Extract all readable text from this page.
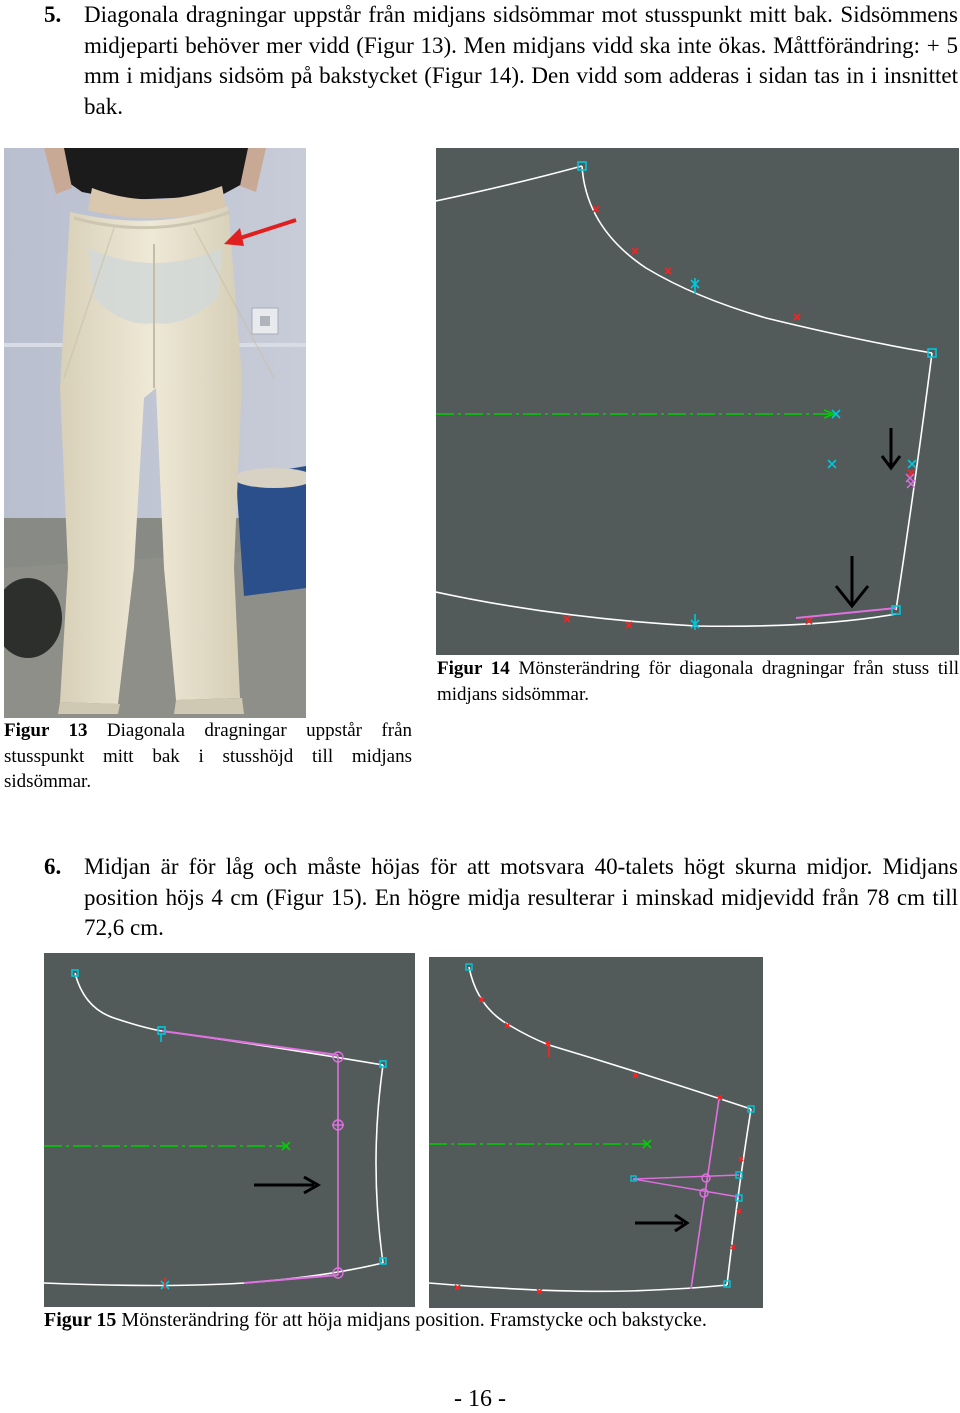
5. Diagonala dragningar uppstår från midjans sidsömmar mot stusspunkt mitt bak. Sidsömmens midjeparti behöver mer vidd (Figur 13). Men midjans vidd ska inte ökas. Måttförändring: + 5 mm i midjans sidsöm på bakstycket (Figur 14). Den vidd som adderas i sidan tas in i insnittet bak.
Figur 13 Diagonala dragningar uppstår från stusspunkt mitt bak i stusshöjd till midjans sidsömmar.
Figur 14 Mönsterändring för diagonala dragningar från stuss till midjans sidsömmar.
6. Midjan är för låg och måste höjas för att motsvara 40-talets högt skurna midjor. Midjans position höjs 4 cm (Figur 15). En högre midja resulterar i minskad midjevidd från 78 cm till 72,6 cm.
Figur 15 Mönsterändring för att höja midjans position. Framstycke och bakstycke.
- 16 -
